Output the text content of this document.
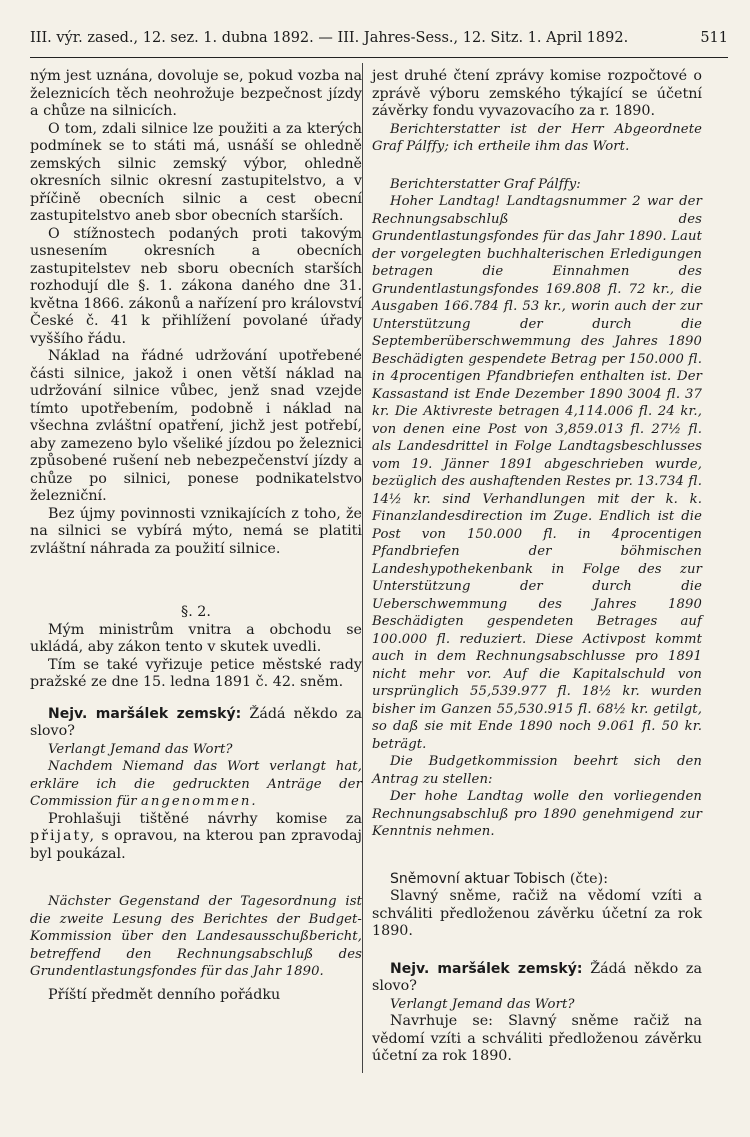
III. výr. zased., 12. sez. 1. dubna 1892. — III. Jahres-Sess., 12. Sitz. 1. April 1892.	511

ným jest uznána, dovoluje se, pokud vozba na železnicích těch neohrožuje bezpečnost jízdy a chůze na silnicích.

O tom, zdali silnice lze použiti a za kterých podmínek se to státi má, usnáší se ohledně zemských silnic zemský výbor, ohledně okresních silnic okresní zastupitelstvo, a v příčině obecních silnic a cest obecní zastupitelstvo aneb sbor obecních starších.

O stížnostech podaných proti takovým usnesením okresních a obecních zastupitelstev neb sboru obecních starších rozhodují dle §. 1. zákona daného dne 31. května 1866. zákonů a nařízení pro království České č. 41 k přihlížení povolané úřady vyššího řádu.

Náklad na řádné udržování upotřebené části silnice, jakož i onen větší náklad na udržování silnice vůbec, jenž snad vzejde tímto upotřebením, podobně i náklad na všechna zvláštní opatření, jichž jest potřebí, aby zamezeno bylo všeliké jízdou po železnici způsobené rušení neb nebezpečenství jízdy a chůze po silnici, ponese podnikatelstvo železniční.

Bez újmy povinnosti vznikajících z toho, že na silnici se vybírá mýto, nemá se platiti zvláštní náhrada za použití silnice.

§. 2.

Mým ministrům vnitra a obchodu se ukládá, aby zákon tento v skutek uvedli.

Tím se také vyřizuje petice městské rady pražské ze dne 15. ledna 1891 č. 42. sněm.

Nejv. maršálek zemský: Žádá někdo za slovo?

Verlangt Jemand das Wort?

Nachdem Niemand das Wort verlangt hat, erkläre ich die gedruckten Anträge der Commission für angenommen.

Prohlašuji tištěné návrhy komise za přijaty, s opravou, na kterou pan zpravodaj byl poukázal.

Nächster Gegenstand der Tagesordnung ist die zweite Lesung des Berichtes der Budget-Kommission über den Landesausschußbericht, betreffend den Rechnungsabschluß des Grundentlastungsfondes für das Jahr 1890.

Příští předmět denního pořádku

jest druhé čtení zprávy komise rozpočtové o zprávě výboru zemského týkající se účetní závěrky fondu vyvazovacího za r. 1890.

Berichterstatter ist der Herr Abgeordnete Graf Pálffy; ich ertheile ihm das Wort.

Berichterstatter Graf Pálffy:

Hoher Landtag! Landtagsnummer 2 war der Rechnungsabschluß des Grundentlastungsfondes für das Jahr 1890. Laut der vorgelegten buchhalterischen Erledigungen betragen die Einnahmen des Grundentlastungsfondes 169.808 fl. 72 kr., die Ausgaben 166.784 fl. 53 kr., worin auch der zur Unterstützung der durch die Septemberüberschwemmung des Jahres 1890 Beschädigten gespendete Betrag per 150.000 fl. in 4procentigen Pfandbriefen enthalten ist. Der Kassastand ist Ende Dezember 1890 3004 fl. 37 kr. Die Aktivreste betragen 4,114.006 fl. 24 kr., von denen eine Post von 3,859.013 fl. 27½ fl. als Landesdrittel in Folge Landtagsbeschlusses vom 19. Jänner 1891 abgeschrieben wurde, bezüglich des aushaftenden Restes pr. 13.734 fl. 14½ kr. sind Verhandlungen mit der k. k. Finanzlandesdirection im Zuge. Endlich ist die Post von 150.000 fl. in 4procentigen Pfandbriefen der böhmischen Landeshypothekenbank in Folge des zur Unterstützung der durch die Ueberschwemmung des Jahres 1890 Beschädigten gespendeten Betrages auf 100.000 fl. reduziert. Diese Activpost kommt auch in dem Rechnungsabschlusse pro 1891 nicht mehr vor. Auf die Kapitalschuld von ursprünglich 55,539.977 fl. 18½ kr. wurden bisher im Ganzen 55,530.915 fl. 68½ kr. getilgt, so daß sie mit Ende 1890 noch 9.061 fl. 50 kr. beträgt.

Die Budgetkommission beehrt sich den Antrag zu stellen:

Der hohe Landtag wolle den vorliegenden Rechnungsabschluß pro 1890 genehmigend zur Kenntnis nehmen.

Sněmovní aktuar Tobisch (čte):

Slavný sněme, račiž na vědomí vzíti a schváliti předloženou závěrku účetní za rok 1890.

Nejv. maršálek zemský: Žádá někdo za slovo?

Verlangt Jemand das Wort?

Navrhuje se: Slavný sněme račiž na vědomí vzíti a schváliti předloženou závěrku účetní za rok 1890.
